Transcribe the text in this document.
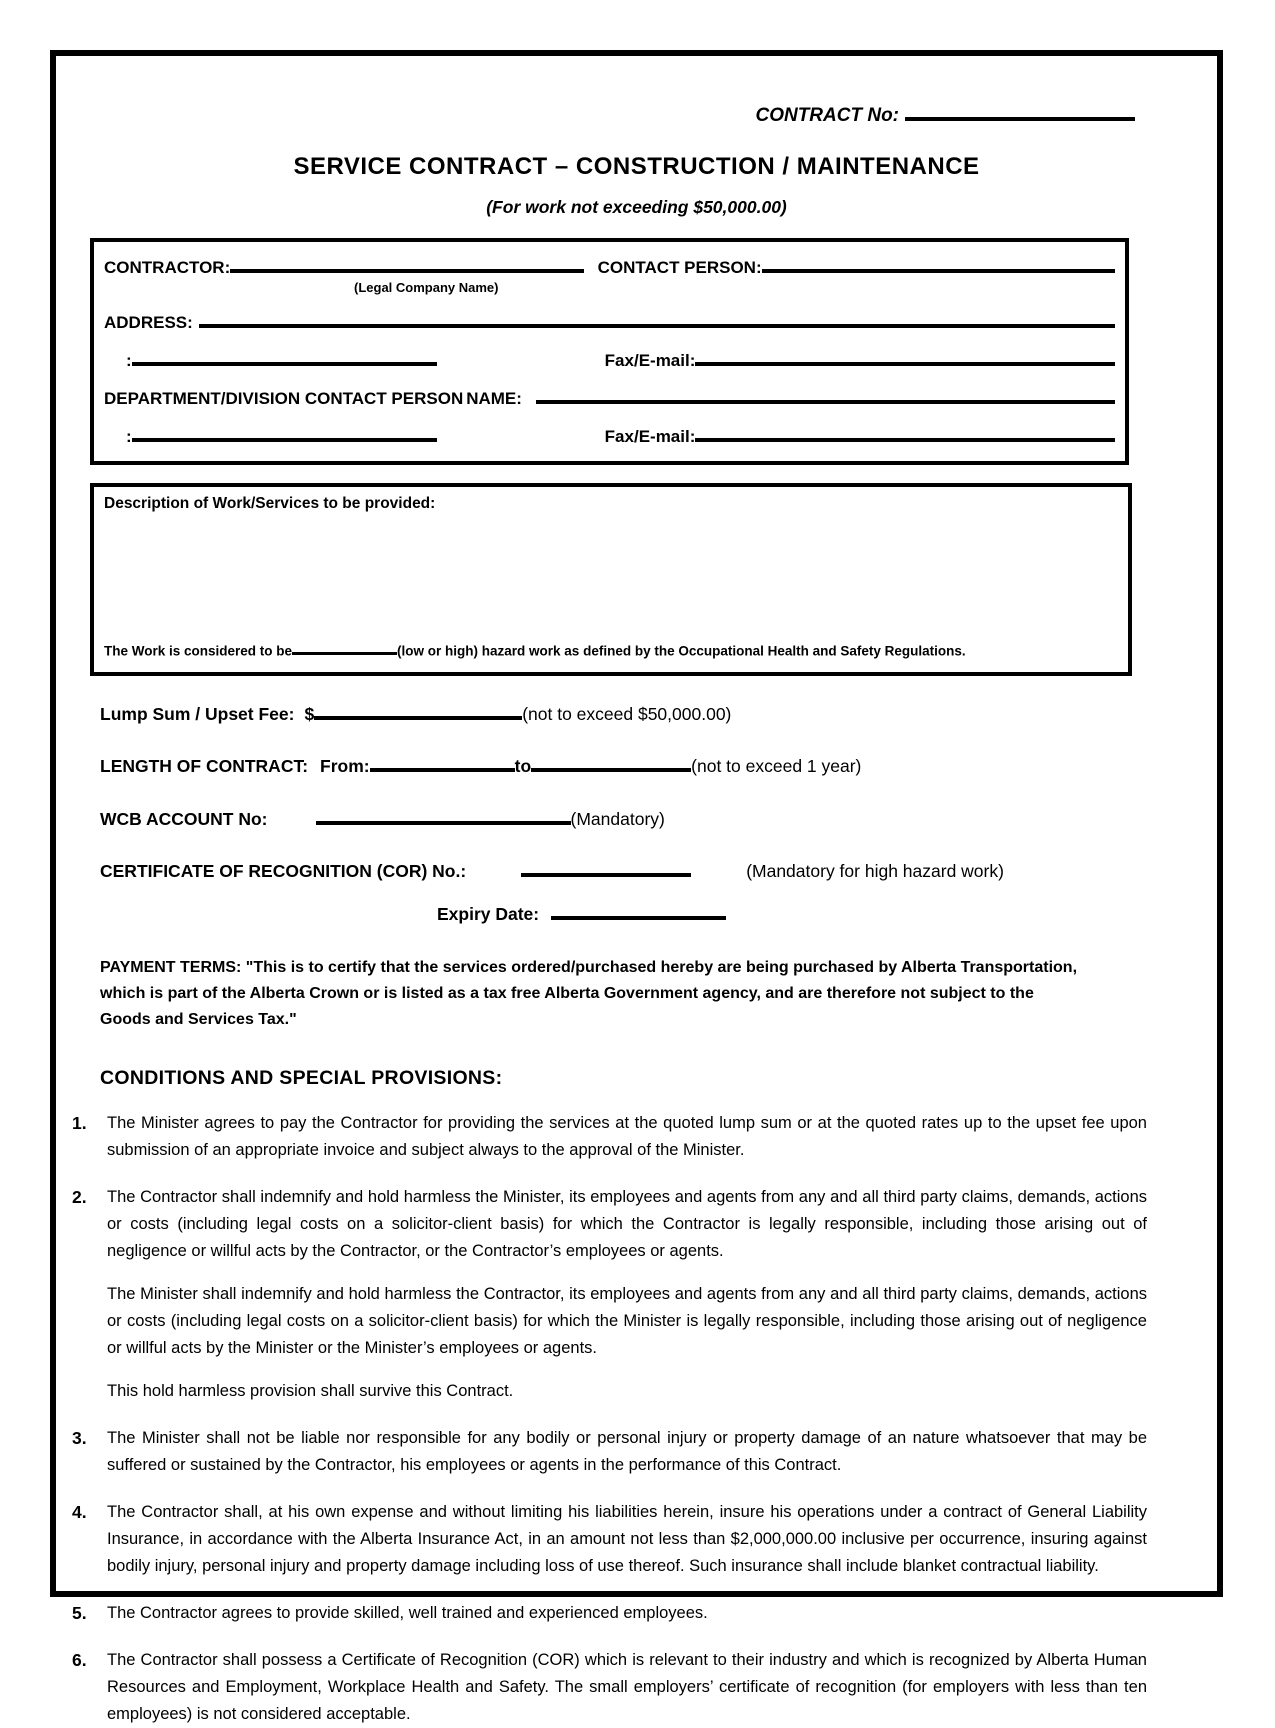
CONTRACT No:
SERVICE CONTRACT – CONSTRUCTION / MAINTENANCE
(For work not exceeding $50,000.00)
CONTRACTOR:	CONTACT PERSON:
(Legal Company Name)
ADDRESS:
:	Fax/E-mail:
DEPARTMENT/DIVISION CONTACT PERSON NAME:
:	Fax/E-mail:
Description of Work/Services to be provided:
The Work is considered to be	(low or high) hazard work as defined by the Occupational Health and Safety Regulations.
Lump Sum / Upset Fee: $	(not to exceed $50,000.00)
LENGTH OF CONTRACT: From:	to	(not to exceed 1 year)
WCB ACCOUNT No:	(Mandatory)
CERTIFICATE OF RECOGNITION (COR) No.:	(Mandatory for high hazard work)
Expiry Date:
PAYMENT TERMS: "This is to certify that the services ordered/purchased hereby are being purchased by Alberta Transportation, which is part of the Alberta Crown or is listed as a tax free Alberta Government agency, and are therefore not subject to the Goods and Services Tax."
CONDITIONS AND SPECIAL PROVISIONS:
1.	The Minister agrees to pay the Contractor for providing the services at the quoted lump sum or at the quoted rates up to the upset fee upon submission of an appropriate invoice and subject always to the approval of the Minister.

2.	The Contractor shall indemnify and hold harmless the Minister, its employees and agents from any and all third party claims, demands, actions or costs (including legal costs on a solicitor-client basis) for which the Contractor is legally responsible, including those arising out of negligence or willful acts by the Contractor, or the Contractor’s employees or agents.

The Minister shall indemnify and hold harmless the Contractor, its employees and agents from any and all third party claims, demands, actions or costs (including legal costs on a solicitor-client basis) for which the Minister is legally responsible, including those arising out of negligence or willful acts by the Minister or the Minister’s employees or agents.

This hold harmless provision shall survive this Contract.

3.	The Minister shall not be liable nor responsible for any bodily or personal injury or property damage of an nature whatsoever that may be suffered or sustained by the Contractor, his employees or agents in the performance of this Contract.

4.	The Contractor shall, at his own expense and without limiting his liabilities herein, insure his operations under a contract of General Liability Insurance, in accordance with the Alberta Insurance Act, in an amount not less than $2,000,000.00 inclusive per occurrence, insuring against bodily injury, personal injury and property damage including loss of use thereof. Such insurance shall include blanket contractual liability.

5.	The Contractor agrees to provide skilled, well trained and experienced employees.

6.	The Contractor shall possess a Certificate of Recognition (COR) which is relevant to their industry and which is recognized by Alberta Human Resources and Employment, Workplace Health and Safety. The small employers’ certificate of recognition (for employers with less than ten employees) is not considered acceptable.
